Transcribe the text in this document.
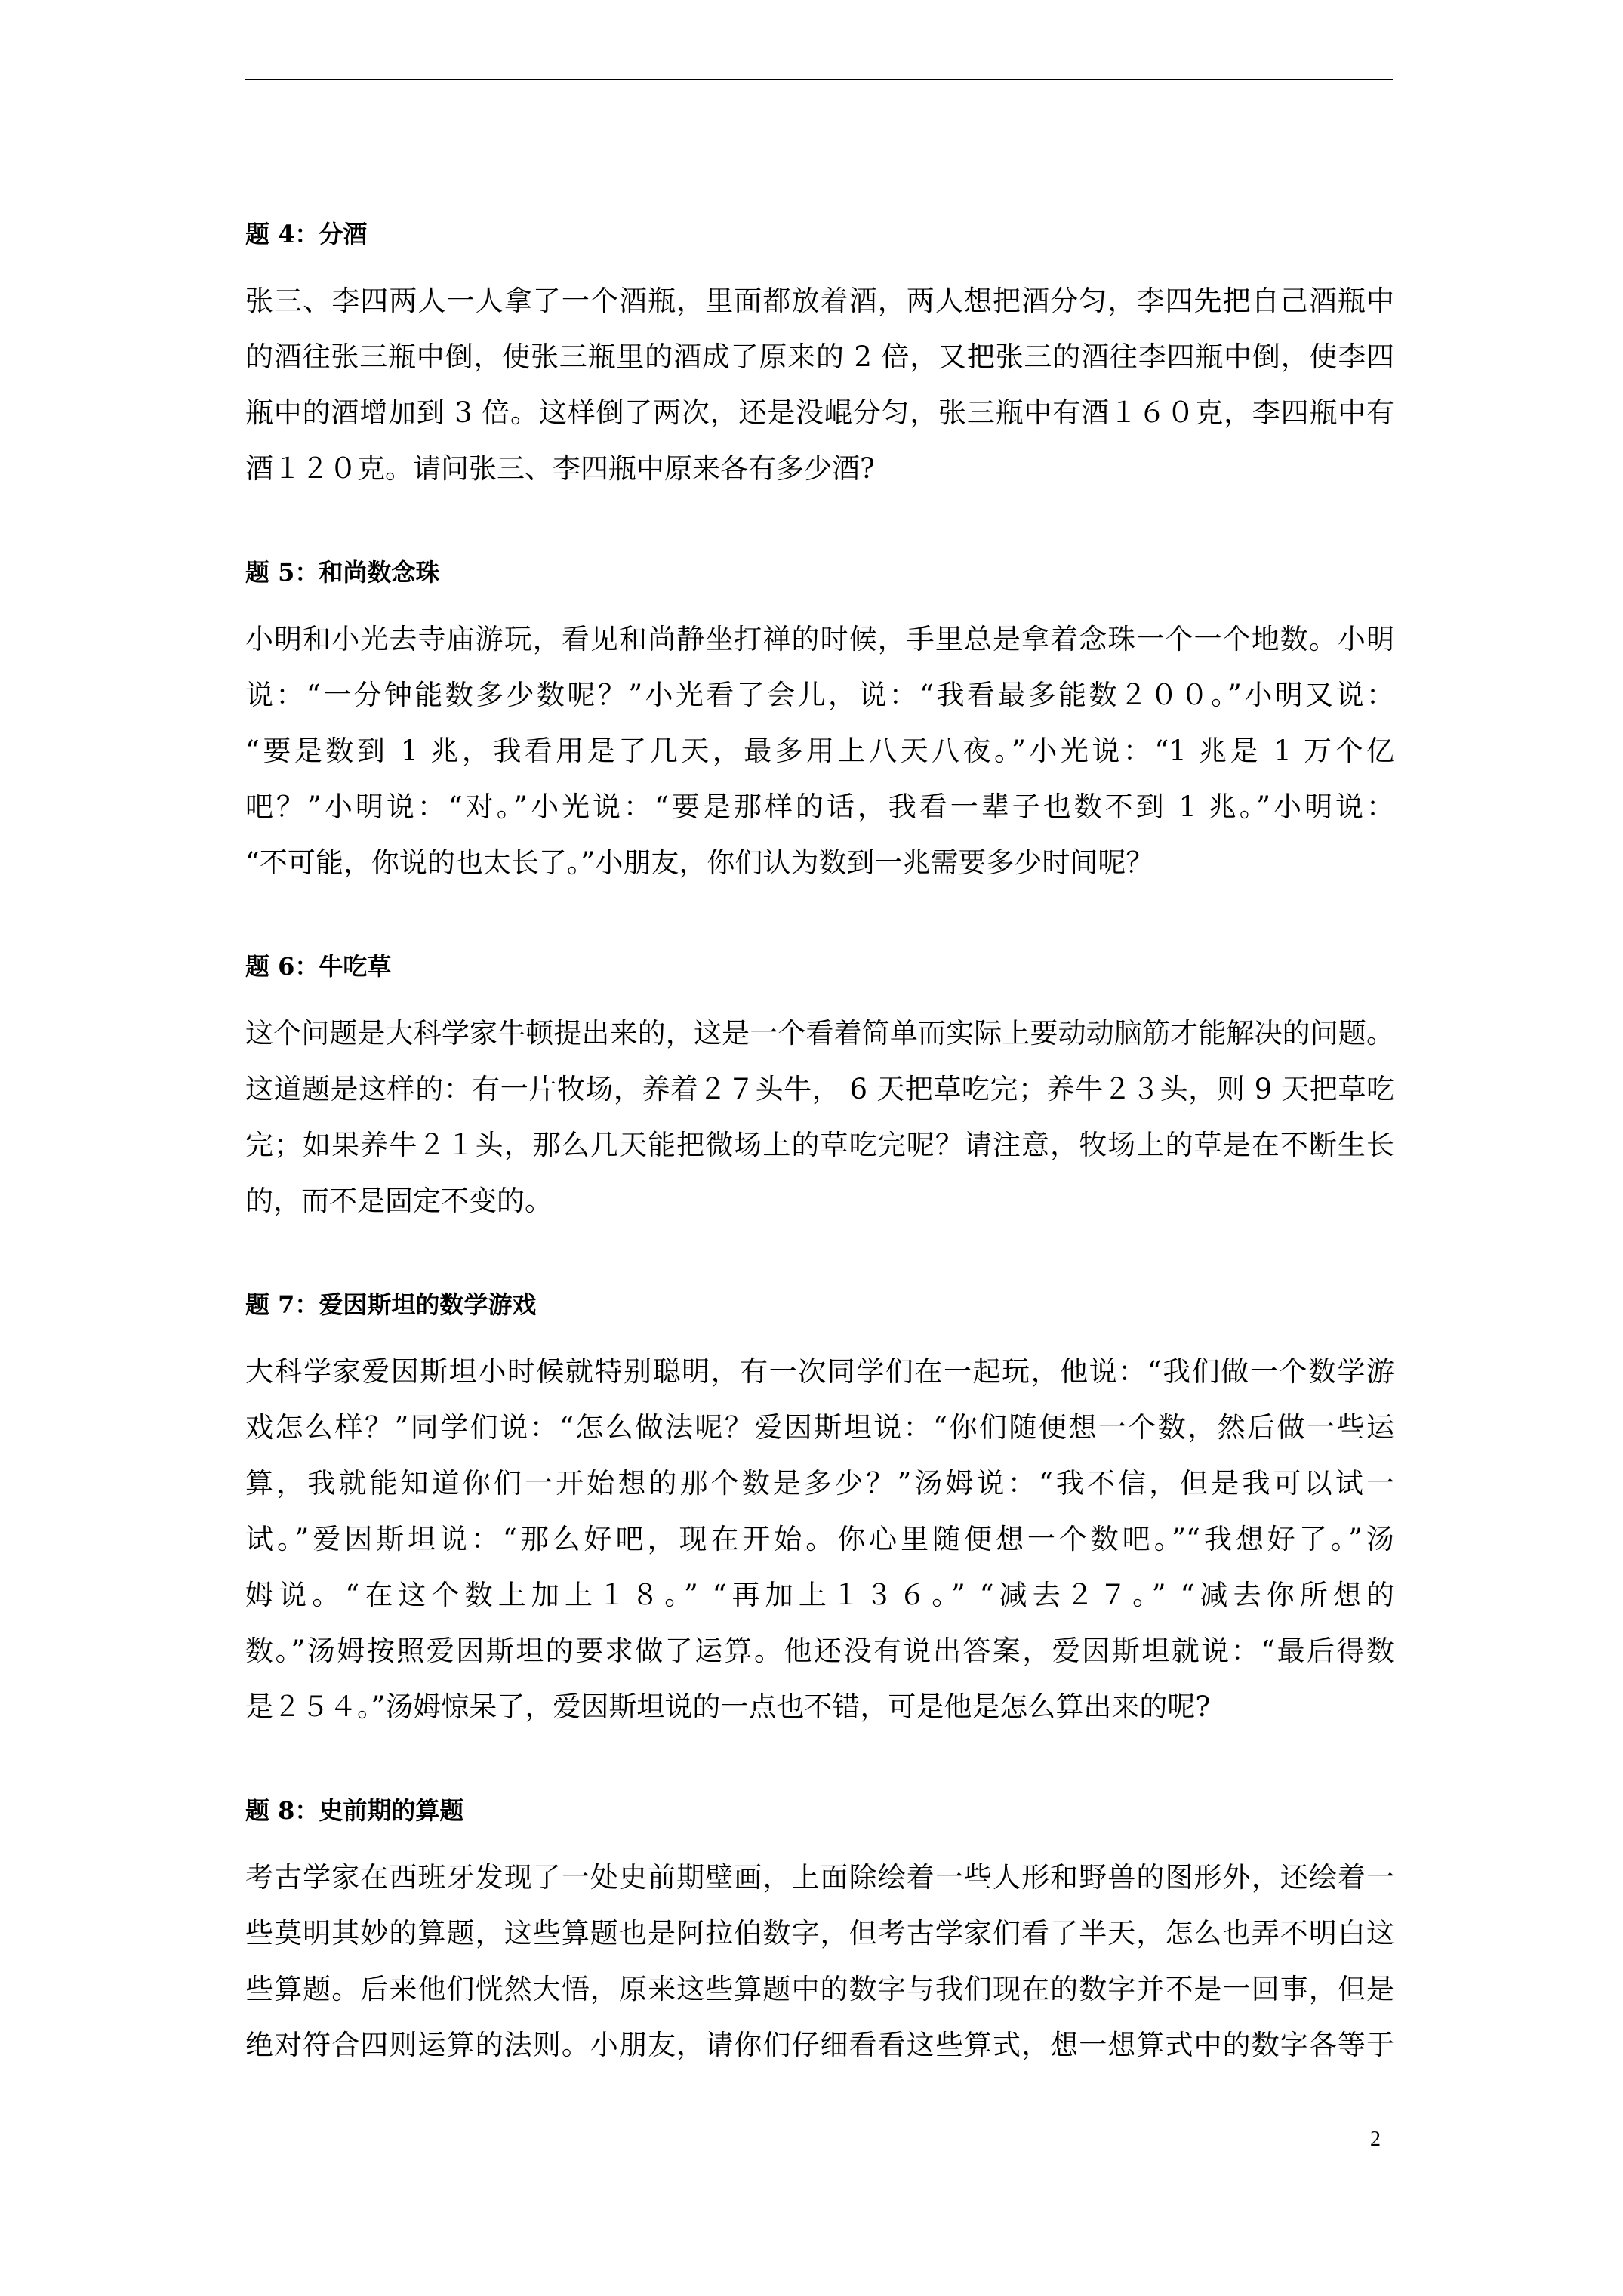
题 4：分酒
张三、李四两人一人拿了一个酒瓶，里面都放着酒，两人想把酒分匀，李四先把自己酒瓶中
的酒往张三瓶中倒，使张三瓶里的酒成了原来的 2 倍，又把张三的酒往李四瓶中倒，使李四
瓶中的酒增加到 3 倍。这样倒了两次，还是没崐分匀，张三瓶中有酒１６０克，李四瓶中有
酒１２０克。请问张三、李四瓶中原来各有多少酒?
题 5：和尚数念珠
小明和小光去寺庙游玩，看见和尚静坐打禅的时候，手里总是拿着念珠一个一个地数。小明
说：“一分钟能数多少数呢？”小光看了会儿，说：“我看最多能数２００。”小明又说：
“要是数到 1 兆，我看用是了几天，最多用上八天八夜。”小光说：“1 兆是 1 万个亿
吧？”小明说：“对。”小光说：“要是那样的话，我看一辈子也数不到 1 兆。”小明说：
“不可能，你说的也太长了。”小朋友，你们认为数到一兆需要多少时间呢？
题 6：牛吃草
这个问题是大科学家牛顿提出来的，这是一个看着简单而实际上要动动脑筋才能解决的问题。
这道题是这样的：有一片牧场，养着２７头牛， 6 天把草吃完；养牛２３头，则 9 天把草吃
完；如果养牛２１头，那么几天能把微场上的草吃完呢？请注意，牧场上的草是在不断生长
的，而不是固定不变的。
题 7：爱因斯坦的数学游戏
大科学家爱因斯坦小时候就特别聪明，有一次同学们在一起玩，他说：“我们做一个数学游
戏怎么样？”同学们说：“怎么做法呢？爱因斯坦说：“你们随便想一个数，然后做一些运
算，我就能知道你们一开始想的那个数是多少？”汤姆说：“我不信，但是我可以试一
试。”爱因斯坦说：“那么好吧，现在开始。你心里随便想一个数吧。”“我想好了。”汤
姆说。“在这个数上加上１８。” “再加上１３６。” “减去２７。” “减去你所想的
数。”汤姆按照爱因斯坦的要求做了运算。他还没有说出答案，爱因斯坦就说：“最后得数
是２５４。”汤姆惊呆了，爱因斯坦说的一点也不错，可是他是怎么算出来的呢?
题 8：史前期的算题
考古学家在西班牙发现了一处史前期壁画，上面除绘着一些人形和野兽的图形外，还绘着一
些莫明其妙的算题，这些算题也是阿拉伯数字，但考古学家们看了半天，怎么也弄不明白这
些算题。后来他们恍然大悟，原来这些算题中的数字与我们现在的数字并不是一回事，但是
绝对符合四则运算的法则。小朋友，请你们仔细看看这些算式，想一想算式中的数字各等于
2
